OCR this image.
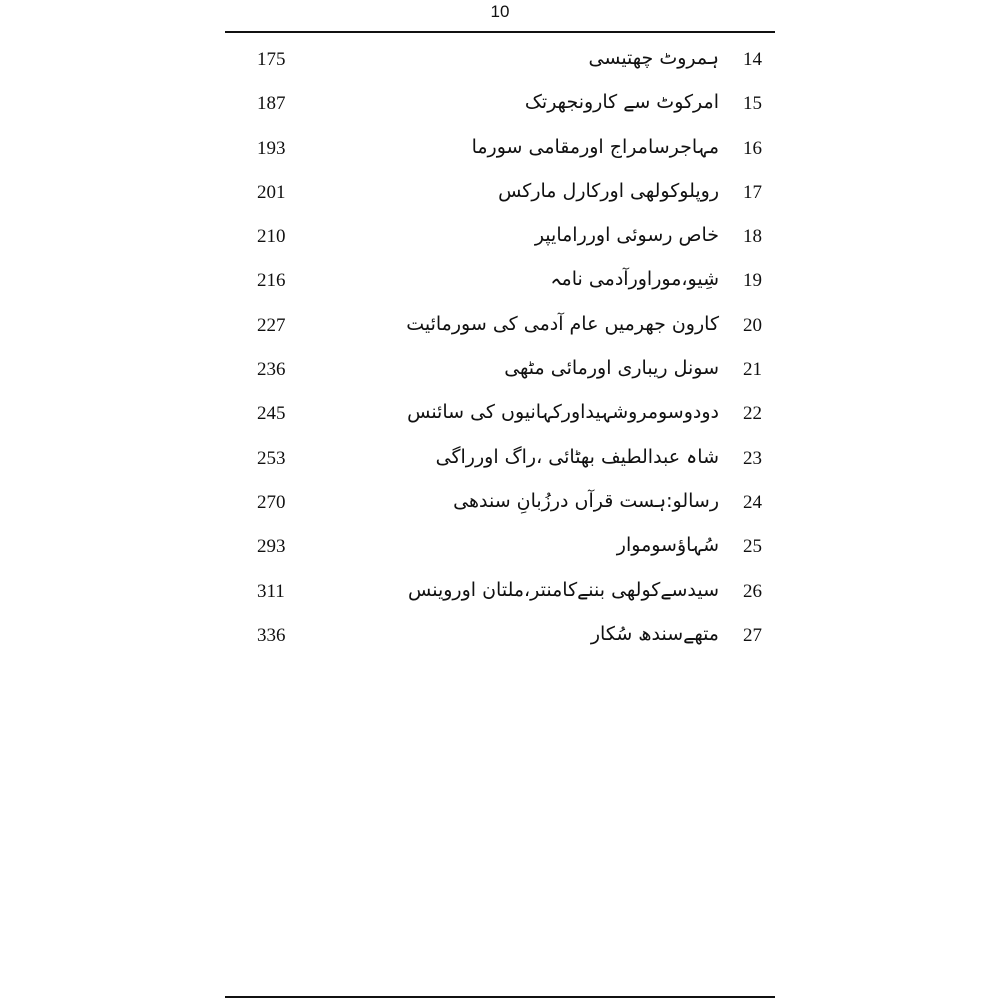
10
175	ہمروٹ چھتیسی	14
187	امرکوٹ سے کارونجھرتک	15
193	مہاجرسامراج اورمقامی سورما	16
201	روپلوکولھی اورکارل مارکس	17
210	خاص رسوئی اوررامایپر	18
216	شِیو،موراورآدمی نامہ	19
227	کارون جھرمیں عام آدمی کی سورمائیت	20
236	سونل ریباری اورمائی مٹھی	21
245	دودوسومروشہیداورکہانیوں کی سائنس	22
253	شاہ عبدالطیف بھٹائی ،راگ اورراگی	23
270	رسالو:ہست قرآں درزُبانِ سندھی	24
293	سُہاؤسوموار	25
311	سیدسےکولھی بننےکامنتر،ملتان اوروینس	26
336	متھےسندھ سُکار	27
